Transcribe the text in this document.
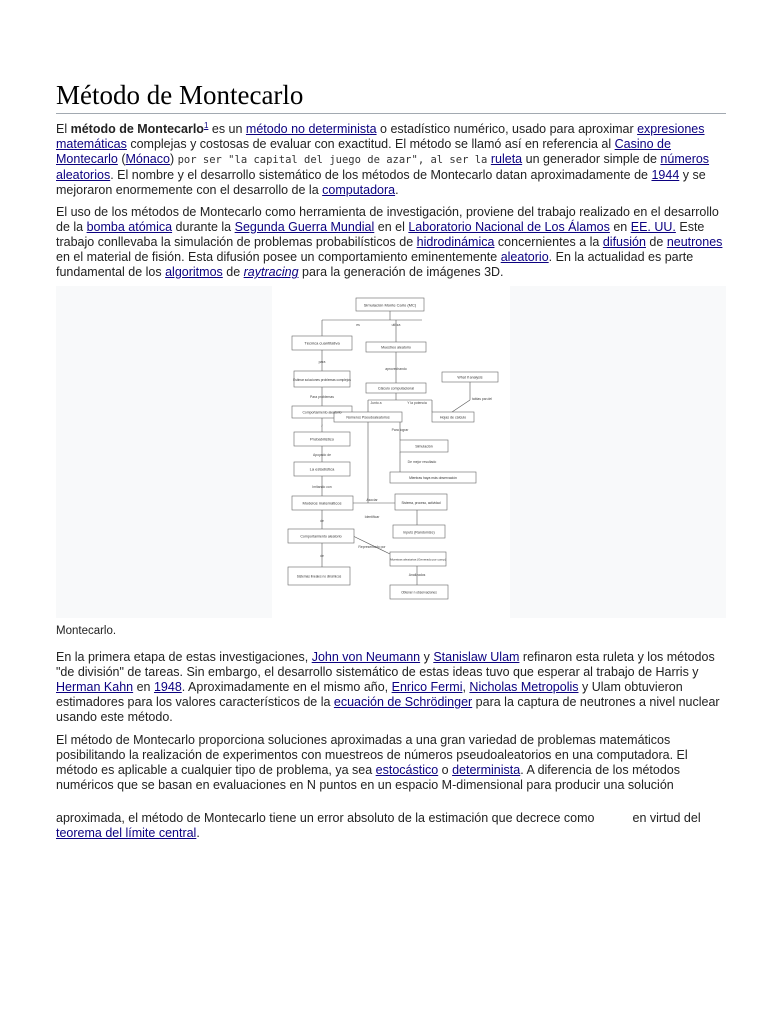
Método de Montecarlo

El método de Montecarlo$^1$ es un método no determinista o estadístico numérico, usado para aproximar expresiones matemáticas complejas y costosas de evaluar con exactitud. El método se llamó así en referencia al Casino de Montecarlo (Mónaco) por ser "la capital del juego de azar", al ser la ruleta un generador simple de números aleatorios. El nombre y el desarrollo sistemático de los métodos de Montecarlo datan aproximadamente de 1944 y se mejoraron enormemente con el desarrollo de la computadora.

El uso de los métodos de Montecarlo como herramienta de investigación, proviene del trabajo realizado en el desarrollo de la bomba atómica durante la Segunda Guerra Mundial en el Laboratorio Nacional de Los Álamos en EE. UU. Este trabajo conllevaba la simulación de problemas probabilísticos de hidrodinámica concernientes a la difusión de neutrones en el material de fisión. Esta difusión posee un comportamiento eminentemente aleatorio. En la actualidad es parte fundamental de los algoritmos de raytracing para la generación de imágenes 3D.

Simulación Monte Carlo (MC)
Técnica cuantitativa
Estimar soluciones problemas complejos
Comportamiento aleatorio
Probabilístico
La estadística
Modelos matemáticos
Comportamiento aleatorio
Sistemas lineales no dinámicos
Muestreo aleatorio
Cálculo computacional
Números Pseudoaleatorios	Hojas de cálculo
What if analysis
Simulación
Mientras haya más observación
Sistema, proceso, actividad
Inputs (Randomize)
Muestras aleatorias (Generado por comp)
Obtener n observaciones
es	utiliza
para
Para problemas
/
Apoyado de
Imitando con
de
de
aprovechando
Junto a	Y la potencia
tablas par.del
Para lograr
De mejor resultado
Asociar
Identificar
Representado por
Analizados
Montecarlo.

En la primera etapa de estas investigaciones, John von Neumann y Stanislaw Ulam refinaron esta ruleta y los métodos "de división" de tareas. Sin embargo, el desarrollo sistemático de estas ideas tuvo que esperar al trabajo de Harris y Herman Kahn en 1948. Aproximadamente en el mismo año, Enrico Fermi, Nicholas Metropolis y Ulam obtuvieron estimadores para los valores característicos de la ecuación de Schrödinger para la captura de neutrones a nivel nuclear usando este método.

El método de Montecarlo proporciona soluciones aproximadas a una gran variedad de problemas matemáticos posibilitando la realización de experimentos con muestreos de números pseudoaleatorios en una computadora. El método es aplicable a cualquier tipo de problema, ya sea estocástico o determinista. A diferencia de los métodos numéricos que se basan en evaluaciones en N puntos en un espacio M-dimensional para producir una solución

aproximada, el método de Montecarlo tiene un error absoluto de la estimación que decrece como	en virtud del teorema del límite central.
